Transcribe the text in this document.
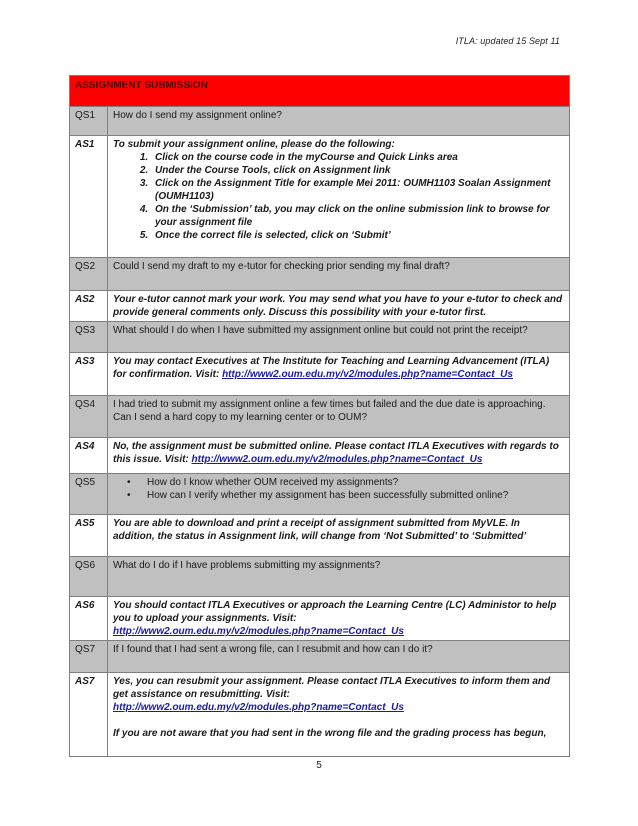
ITLA: updated 15 Sept 11
ASSIGNMENT SUBMISSION	
QS1	How do I send my assignment online?
AS1	To submit your assignment online, please do the following:
1. Click on the course code in the myCourse and Quick Links area
2. Under the Course Tools, click on Assignment link
3. Click on the Assignment Title for example Mei 2011: OUMH1103 Soalan Assignment (OUMH1103)
4. On the ‘Submission’ tab, you may click on the online submission link to browse for your assignment file
5. Once the correct file is selected, click on ‘Submit’

QS2	Could I send my draft to my e-tutor for checking prior sending my final draft?
AS2	Your e-tutor cannot mark your work. You may send what you have to your e-tutor to check and provide general comments only. Discuss this possibility with your e-tutor first.
QS3	What should I do when I have submitted my assignment online but could not print the receipt?
AS3	You may contact Executives at The Institute for Teaching and Learning Advancement (ITLA) for confirmation. Visit: http://www2.oum.edu.my/v2/modules.php?name=Contact_Us
QS4	I had tried to submit my assignment online a few times but failed and the due date is approaching. Can I send a hard copy to my learning center or to OUM?
AS4	No, the assignment must be submitted online. Please contact ITLA Executives with regards to this issue. Visit: http://www2.oum.edu.my/v2/modules.php?name=Contact_Us
QS5	
•How do I know whether OUM received my assignments?
• How can I verify whether my assignment has been successfully submitted online?

AS5	You are able to download and print a receipt of assignment submitted from MyVLE. In addition, the status in Assignment link, will change from ‘Not Submitted’ to ‘Submitted’
QS6	What do I do if I have problems submitting my assignments?
AS6	You should contact ITLA Executives or approach the Learning Centre (LC) Administor to help you to upload your assignments. Visit:
http://www2.oum.edu.my/v2/modules.php?name=Contact_Us
QS7	If I found that I had sent a wrong file, can I resubmit and how can I do it?
AS7	Yes, you can resubmit your assignment. Please contact ITLA Executives to inform them and get assistance on resubmitting. Visit:
http://www2.oum.edu.my/v2/modules.php?name=Contact_Us
If you are not aware that you had sent in the wrong file and the grading process has begun,
5
